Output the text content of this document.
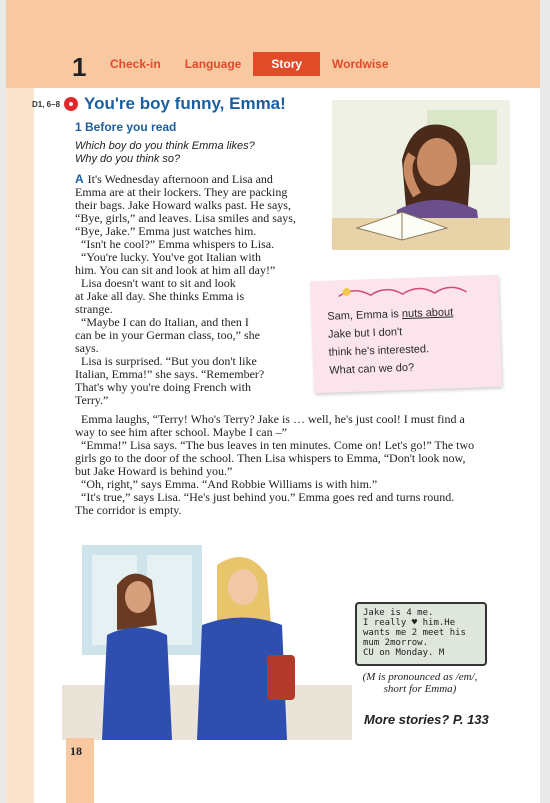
1	Check-in	Language	Story	Wordwise
D1, 6–8 You're boy funny, Emma!
1 Before you read
Which boy do you think Emma likes?
Why do you think so?
A It's Wednesday afternoon and Lisa and
Emma are at their lockers. They are packing
their bags. Jake Howard walks past. He says,
“Bye, girls,” and leaves. Lisa smiles and says,
“Bye, Jake.” Emma just watches him.
“Isn't he cool?” Emma whispers to Lisa.
“You're lucky. You've got Italian with
him. You can sit and look at him all day!”
Lisa doesn't want to sit and look
at Jake all day. She thinks Emma is
strange.
“Maybe I can do Italian, and then I
can be in your German class, too,” she
says.
Lisa is surprised. “But you don't like
Italian, Emma!” she says. “Remember?
That's why you're doing French with
Terry.”
Emma laughs, “Terry! Who's Terry? Jake is … well, he's just cool! I must find a
way to see him after school. Maybe I can –”
“Emma!” Lisa says. “The bus leaves in ten minutes. Come on! Let's go!” The two
girls go to the door of the school. Then Lisa whispers to Emma, “Don't look now,
but Jake Howard is behind you.”
“Oh, right,” says Emma. “And Robbie Williams is with him.”
“It's true,” says Lisa. “He's just behind you.” Emma goes red and turns round.
The corridor is empty.
Sam, Emma is nuts about
Jake but I don't
think he's interested.
What can we do?
Jake is 4 me.
I really ♥ him.He
wants me 2 meet his
mum 2morrow.
CU on Monday. M
(M is pronounced as /em/,
short for Emma)
More stories? P. 133
18
